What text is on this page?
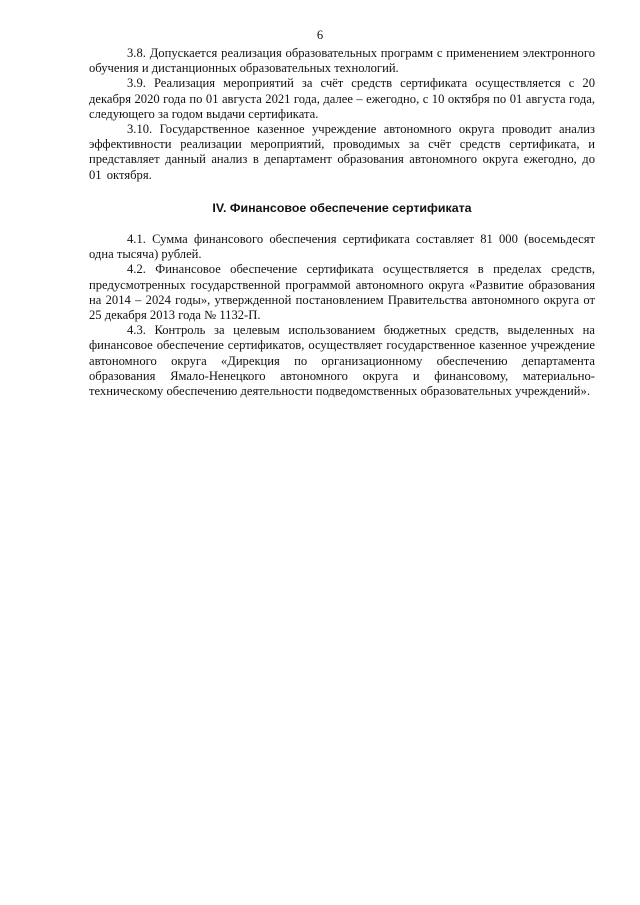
6

3.8. Допускается реализация образовательных программ с применением электронного обучения и дистанционных образовательных технологий.

3.9. Реализация мероприятий за счёт средств сертификата осуществляется с 20 декабря 2020 года по 01 августа 2021 года, далее – ежегодно, с 10 октября по 01 августа года, следующего за годом выдачи сертификата.

3.10. Государственное казенное учреждение автономного округа проводит анализ эффективности реализации мероприятий, проводимых за счёт средств сертификата, и представляет данный анализ в департамент образования автономного округа ежегодно, до 01 октября.

IV. Финансовое обеспечение сертификата

4.1. Сумма финансового обеспечения сертификата составляет 81 000 (восемьдесят одна тысяча) рублей.

4.2. Финансовое обеспечение сертификата осуществляется в пределах средств, предусмотренных государственной программой автономного округа «Развитие образования на 2014 – 2024 годы», утвержденной постановлением Правительства автономного округа от 25 декабря 2013 года № 1132-П.

4.3. Контроль за целевым использованием бюджетных средств, выделенных на финансовое обеспечение сертификатов, осуществляет государственное казенное учреждение автономного округа «Дирекция по организационному обеспечению департамента образования Ямало-Ненецкого автономного округа и финансовому, материально-техническому обеспечению деятельности подведомственных образовательных учреждений».
